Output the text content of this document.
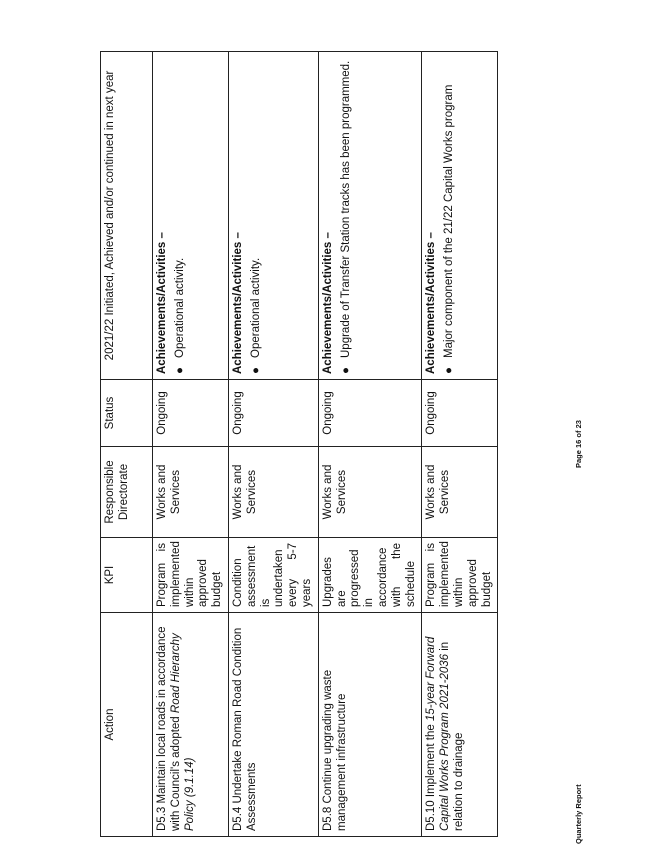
Action	KPI	Responsible Directorate	Status	2021/22 Initiated, Achieved and/or continued in next year
D5.3 Maintain local roads in accordance with Council's adopted Road Hierarchy Policy (9.1.14)	Program is implemented within approved budget	Works and Services	Ongoing	Achievements/Activities – ●
Operational activity.

D5.4 Undertake Roman Road Condition Assessments	Condition assessment is undertaken every 5-7 years	Works and Services	Ongoing	Achievements/Activities – ●
Operational activity.

D5.8 Continue upgrading waste management infrastructure	Upgrades are progressed in accordance with the schedule	Works and Services	Ongoing	Achievements/Activities – ●
Upgrade of Transfer Station tracks has been programmed.

D5.10 Implement the 15-year Forward Capital Works Program 2021-2036 in relation to drainage	Program is implemented within approved budget	Works and Services	Ongoing	Achievements/Activities – ●
Major component of the 21/22 Capital Works program
Quarterly Report
Page 16 of 23
